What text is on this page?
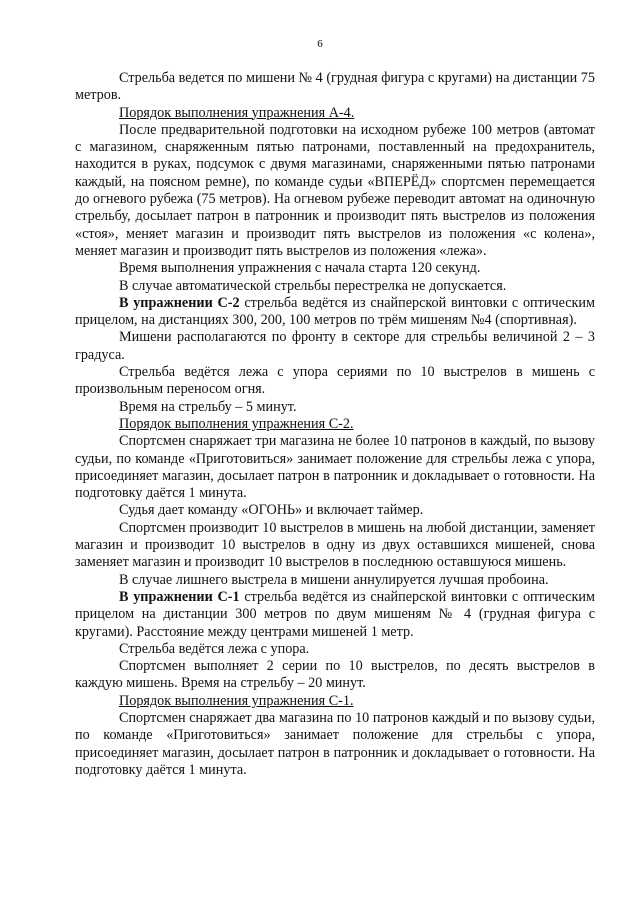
6

Стрельба ведется по мишени № 4 (грудная фигура с кругами) на дистанции 75 метров.

Порядок выполнения упражнения А-4.

После предварительной подготовки на исходном рубеже 100 метров (автомат с магазином, снаряженным пятью патронами, поставленный на предохранитель, находится в руках, подсумок с двумя магазинами, снаряженными пятью патронами каждый, на поясном ремне), по команде судьи «ВПЕРЁД» спортсмен перемещается до огневого рубежа (75 метров). На огневом рубеже переводит автомат на одиночную стрельбу, досылает патрон в патронник и производит пять выстрелов из положения «стоя», меняет магазин и производит пять выстрелов из положения «с колена», меняет магазин и производит пять выстрелов из положения «лежа».

Время выполнения упражнения с начала старта 120 секунд.

В случае автоматической стрельбы перестрелка не допускается.

В упражнении С-2 стрельба ведётся из снайперской винтовки с оптическим прицелом, на дистанциях 300, 200, 100 метров по трём мишеням №4 (спортивная).

Мишени располагаются по фронту в секторе для стрельбы величиной 2 – 3 градуса.

Стрельба ведётся лежа с упора сериями по 10 выстрелов в мишень с произвольным переносом огня.

Время на стрельбу – 5 минут.

Порядок выполнения упражнения С-2.

Спортсмен снаряжает три магазина не более 10 патронов в каждый, по вызову судьи, по команде «Приготовиться» занимает положение для стрельбы лежа с упора, присоединяет магазин, досылает патрон в патронник и докладывает о готовности. На подготовку даётся 1 минута.

Судья дает команду «ОГОНЬ» и включает таймер.

Спортсмен производит 10 выстрелов в мишень на любой дистанции, заменяет магазин и производит 10 выстрелов в одну из двух оставшихся мишеней, снова заменяет магазин и производит 10 выстрелов в последнюю оставшуюся мишень.

В случае лишнего выстрела в мишени аннулируется лучшая пробоина.

В упражнении С-1 стрельба ведётся из снайперской винтовки с оптическим прицелом на дистанции 300 метров по двум мишеням № 4 (грудная фигура с кругами). Расстояние между центрами мишеней 1 метр.

Стрельба ведётся лежа с упора.

Спортсмен выполняет 2 серии по 10 выстрелов, по десять выстрелов в каждую мишень. Время на стрельбу – 20 минут.

Порядок выполнения упражнения С-1.

Спортсмен снаряжает два магазина по 10 патронов каждый и по вызову судьи, по команде «Приготовиться» занимает положение для стрельбы с упора, присоединяет магазин, досылает патрон в патронник и докладывает о готовности. На подготовку даётся 1 минута.
